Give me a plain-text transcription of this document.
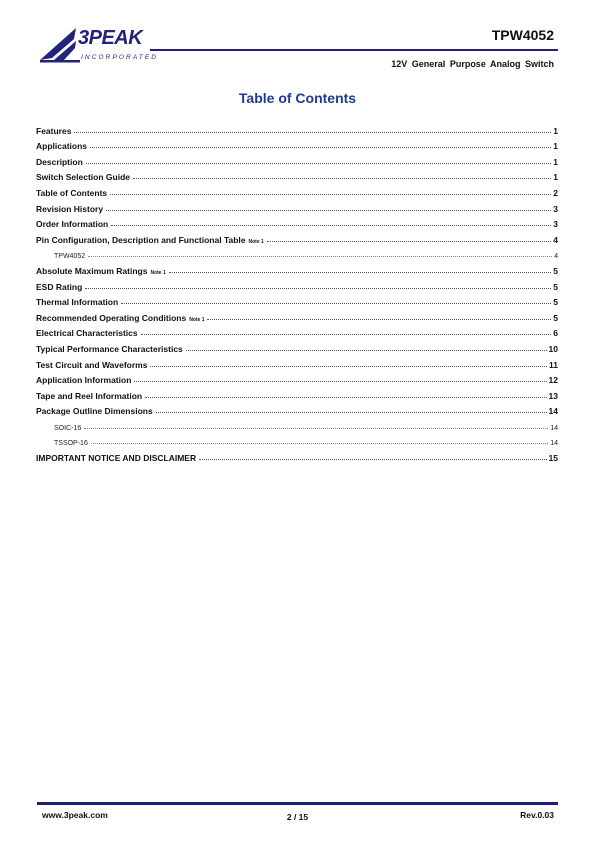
3PEAK
INCORPORATED
TPW4052
12V General Purpose Analog Switch
Table of Contents
Features	1
Applications	1
Description	1
Switch Selection Guide	1
Table of Contents	2
Revision History	3
Order Information	3
Pin Configuration, Description and Functional Table $_{Note 1}$	4
TPW4052	4
Absolute Maximum Ratings $_{Note 1}$	5
ESD Rating	5
Thermal Information	5
Recommended Operating Conditions $_{Note 1}$	5
Electrical Characteristics	6
Typical Performance Characteristics	10
Test Circuit and Waveforms	11
Application Information	12
Tape and Reel Information	13
Package Outline Dimensions	14
SOIC-16	14
TSSOP-16	14
IMPORTANT NOTICE AND DISCLAIMER	15
www.3peak.com	2 / 15	Rev.0.03
